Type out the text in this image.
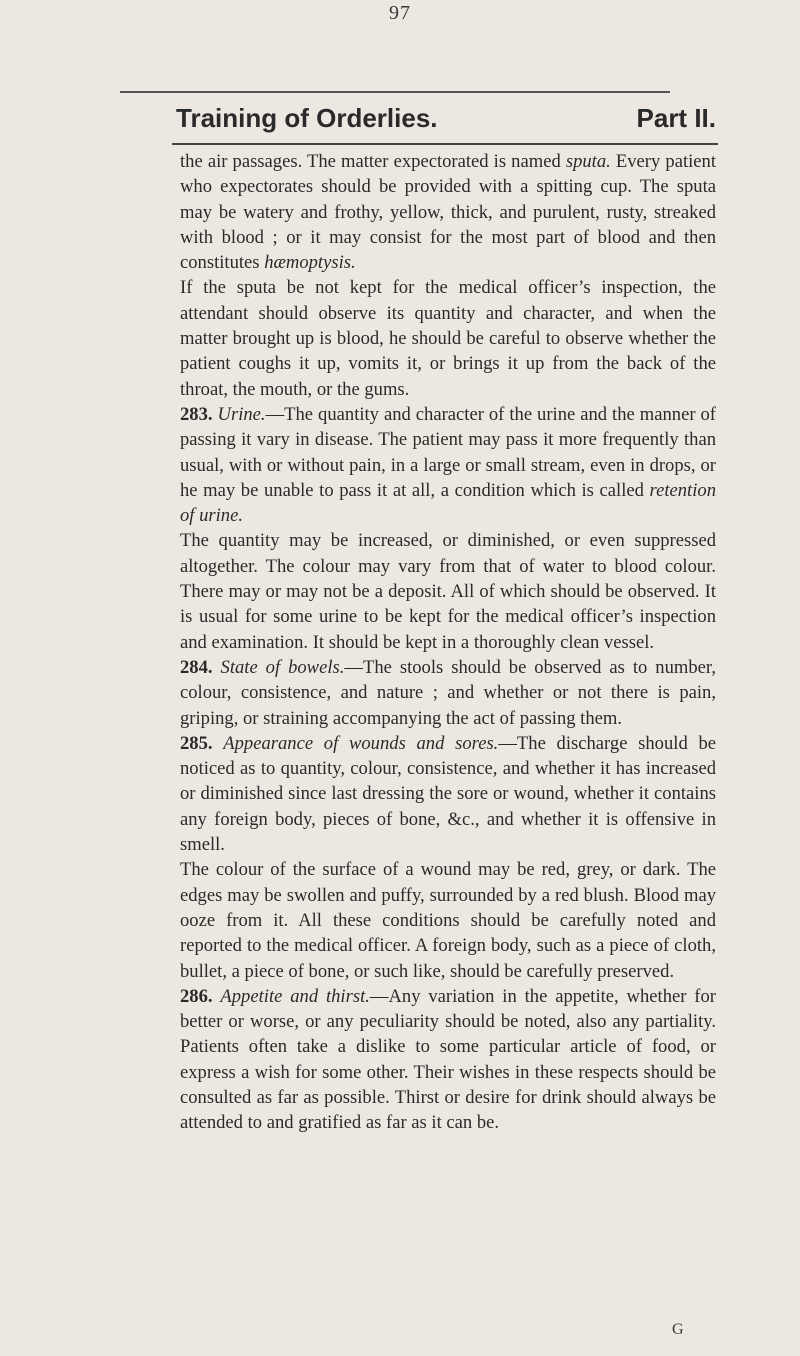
97
Training of Orderlies.	Part II.

the air passages. The matter expectorated is named sputa. Every patient who expectorates should be provided with a spitting cup. The sputa may be watery and frothy, yellow, thick, and purulent, rusty, streaked with blood ; or it may consist for the most part of blood and then constitutes hæmoptysis.

If the sputa be not kept for the medical officer’s inspection, the attendant should observe its quantity and character, and when the matter brought up is blood, he should be careful to observe whether the patient coughs it up, vomits it, or brings it up from the back of the throat, the mouth, or the gums.

283. Urine.—The quantity and character of the urine and the manner of passing it vary in disease. The patient may pass it more frequently than usual, with or without pain, in a large or small stream, even in drops, or he may be unable to pass it at all, a condition which is called retention of urine.

The quantity may be increased, or diminished, or even suppressed altogether. The colour may vary from that of water to blood colour. There may or may not be a deposit. All of which should be observed. It is usual for some urine to be kept for the medical officer’s inspection and examination. It should be kept in a thoroughly clean vessel.

284. State of bowels.—The stools should be observed as to number, colour, consistence, and nature ; and whether or not there is pain, griping, or straining accompanying the act of passing them.

285. Appearance of wounds and sores.—The discharge should be noticed as to quantity, colour, consistence, and whether it has increased or diminished since last dressing the sore or wound, whether it contains any foreign body, pieces of bone, &c., and whether it is offensive in smell.

The colour of the surface of a wound may be red, grey, or dark. The edges may be swollen and puffy, surrounded by a red blush. Blood may ooze from it. All these conditions should be carefully noted and reported to the medical officer. A foreign body, such as a piece of cloth, bullet, a piece of bone, or such like, should be carefully preserved.

286. Appetite and thirst.—Any variation in the appetite, whether for better or worse, or any peculiarity should be noted, also any partiality. Patients often take a dislike to some particular article of food, or express a wish for some other. Their wishes in these respects should be consulted as far as possible. Thirst or desire for drink should always be attended to and gratified as far as it can be.

G
